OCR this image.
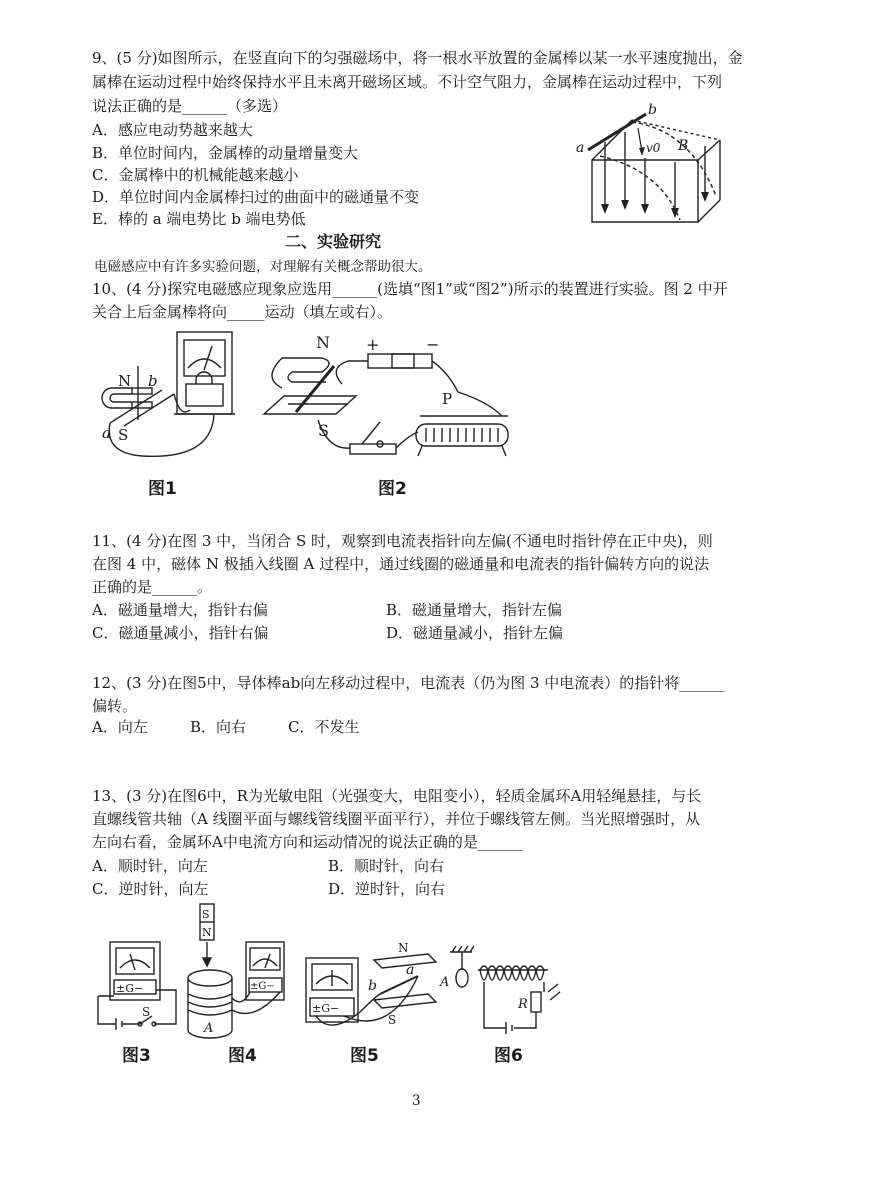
9、(5 分)如图所示，在竖直向下的匀强磁场中，将一根水平放置的金属棒以某一水平速度抛出，金
属棒在运动过程中始终保持水平且未离开磁场区域。不计空气阻力，金属棒在运动过程中，下列
说法正确的是______（多选）
A．感应电动势越来越大
B．单位时间内，金属棒的动量增量变大
C．金属棒中的机械能越来越小
D．单位时间内金属棒扫过的曲面中的磁通量不变
E．棒的 a 端电势比 b 端电势低
a
b
v0 B
二、实验研究
电磁感应中有许多实验问题，对理解有关概念帮助很大。
10、(4 分)探究电磁感应现象应选用______(选填“图1”或“图2”)所示的装置进行实验。图 2 中开
关合上后金属棒将向_____运动（填左或右）。
N b
a S
N
S
+	−
P
图1	图2
11、(4 分)在图 3 中，当闭合 S 时，观察到电流表指针向左偏(不通电时指针停在正中央)，则
在图 4 中，磁体 N 极插入线圈 A 过程中，通过线圈的磁通量和电流表的指针偏转方向的说法
正确的是______。
A．磁通量增大，指针右偏	B．磁通量增大，指针左偏
C．磁通量减小，指针右偏	D．磁通量减小，指针左偏
12、(3 分)在图5中，导体棒ab向左移动过程中，电流表（仍为图 3 中电流表）的指针将______
偏转。
A．向左	B．向右	C．不发生
13、(3 分)在图6中，R为光敏电阻（光强变大，电阻变小），轻质金属环A用轻绳悬挂，与长
直螺线管共轴（A 线圈平面与螺线管线圈平面平行），并位于螺线管左侧。当光照增强时，从
左向右看，金属环A中电流方向和运动情况的说法正确的是______
A．顺时针，向左	B．顺时针，向右
C．逆时针，向左	D．逆时针，向右
±G−
S
S
N
±G−
A
±G−
b
a
N
S
A
R
图3	图4	图5	图6
3
